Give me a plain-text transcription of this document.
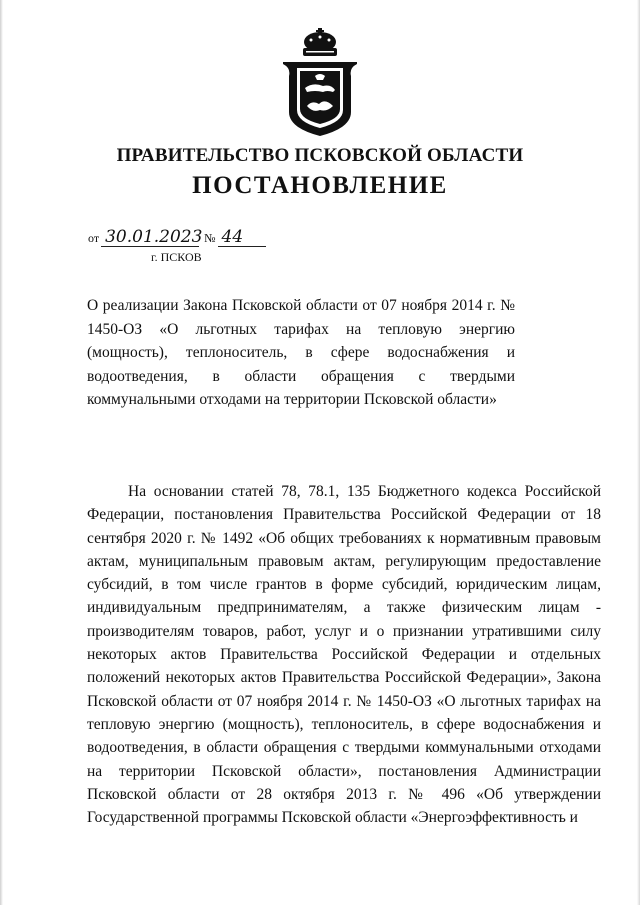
ПРАВИТЕЛЬСТВО ПСКОВСКОЙ ОБЛАСТИ
ПОСТАНОВЛЕНИЕ
от 30.01.2023 № 44
г. ПСКОВ
О реализации Закона Псковской области от 07 ноября 2014 г. № 1450-ОЗ «О льготных тарифах на тепловую энергию (мощность), теплоноситель, в сфере водоснабжения и водоотведения, в области обращения с твердыми коммунальными отходами на территории Псковской области»
На основании статей 78, 78.1, 135 Бюджетного кодекса Российской Федерации, постановления Правительства Российской Федерации от 18 сентября 2020 г. № 1492 «Об общих требованиях к нормативным правовым актам, муниципальным правовым актам, регулирующим предоставление субсидий, в том числе грантов в форме субсидий, юридическим лицам, индивидуальным предпринимателям, а также физическим лицам - производителям товаров, работ, услуг и о признании утратившими силу некоторых актов Правительства Российской Федерации и отдельных положений некоторых актов Правительства Российской Федерации», Закона Псковской области от 07 ноября 2014 г. № 1450-ОЗ «О льготных тарифах на тепловую энергию (мощность), теплоноситель, в сфере водоснабжения и водоотведения, в области обращения с твердыми коммунальными отходами на территории Псковской области», постановления Администрации Псковской области от 28 октября 2013 г. № 496 «Об утверждении Государственной программы Псковской области «Энергоэффективность и
